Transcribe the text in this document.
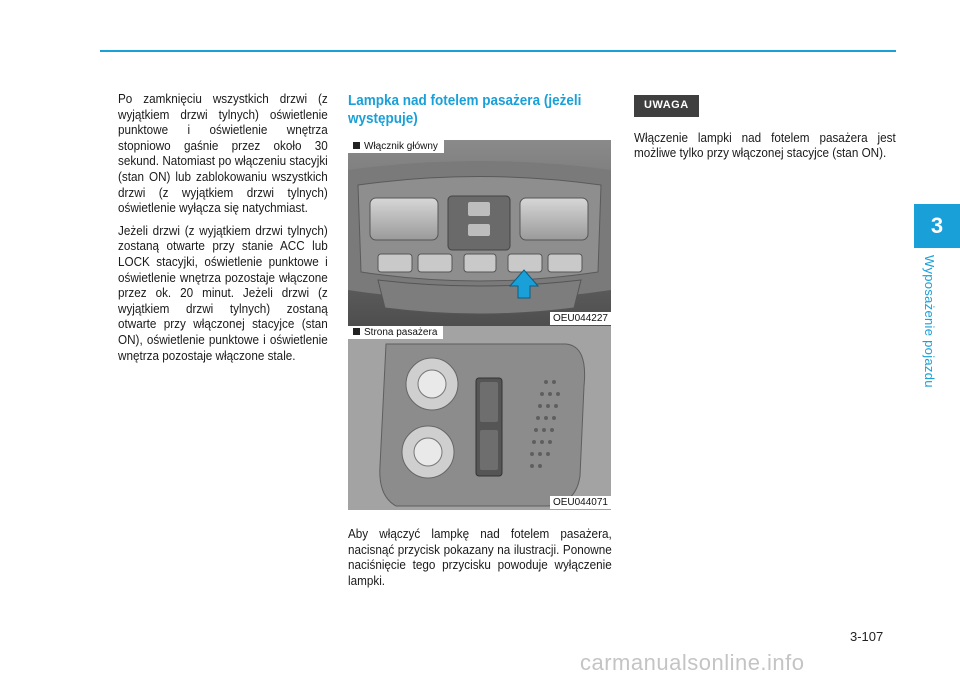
Po zamknięciu wszystkich drzwi (z wyjątkiem drzwi tylnych) oświetlenie punktowe i oświetlenie wnętrza stopniowo gaśnie przez około 30 sekund. Natomiast po włączeniu stacyjki (stan ON) lub zablokowaniu wszystkich drzwi (z wyjątkiem drzwi tylnych) oświetlenie wyłącza się natychmiast.

Jeżeli drzwi (z wyjątkiem drzwi tylnych) zostaną otwarte przy stanie ACC lub LOCK stacyjki, oświetlenie punktowe i oświetlenie wnętrza pozostaje włączone przez ok. 20 minut. Jeżeli drzwi (z wyjątkiem drzwi tylnych) zostaną otwarte przy włączonej stacyjce (stan ON), oświetlenie punktowe i oświetlenie wnętrza pozostaje włączone stale.

Lampka nad fotelem pasażera (jeżeli występuje)
Włącznik główny
OEU044227
Strona pasażera
OEU044071

Aby włączyć lampkę nad fotelem pasażera, nacisnąć przycisk pokazany na ilustracji. Ponowne naciśnięcie tego przycisku powoduje wyłączenie lampki.

UWAGA

Włączenie lampki nad fotelem pasażera jest możliwe tylko przy włączonej stacyjce (stan ON).

3
Wyposażenie pojazdu
3-107
carmanualsonline.info
